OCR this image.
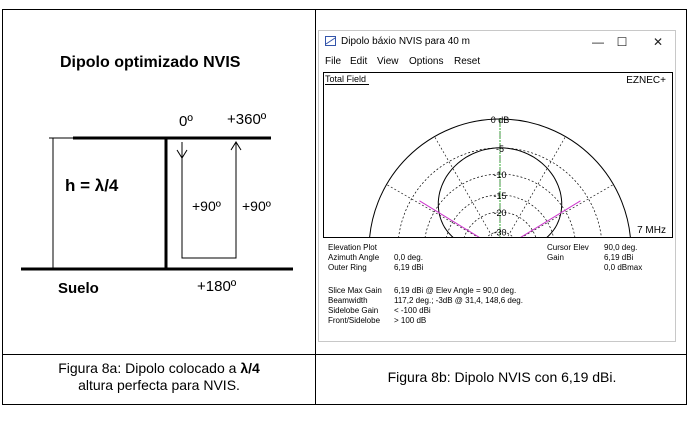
Dipolo optimizado NVIS
0º +360º
h = λ/4
+90º +90º
Suelo	+180º
Figura 8a: Dipolo colocado a λ/4
altura perfecta para NVIS.	Figura 8b: Dipolo NVIS con 6,19 dBi.
Dipolo báxio NVIS para 40 m	—	☐	✕
File Edit View Options Reset
Total Field	EZNEC+
7 MHz
0 dB
-5
-10
-15
-20
-30
Elevation Plot
Azimuth Angle 0,0 deg.
Outer Ring	6,19 dBi
Cursor Elev 90,0 deg.
Gain	6,19 dBi
0,0 dBmax
Slice Max Gain 6,19 dBi @ Elev Angle = 90,0 deg.
Beamwidth	117,2 deg.; -3dB @ 31,4, 148,6 deg.
Sidelobe Gain < -100 dBi
Front/Sidelobe > 100 dB
